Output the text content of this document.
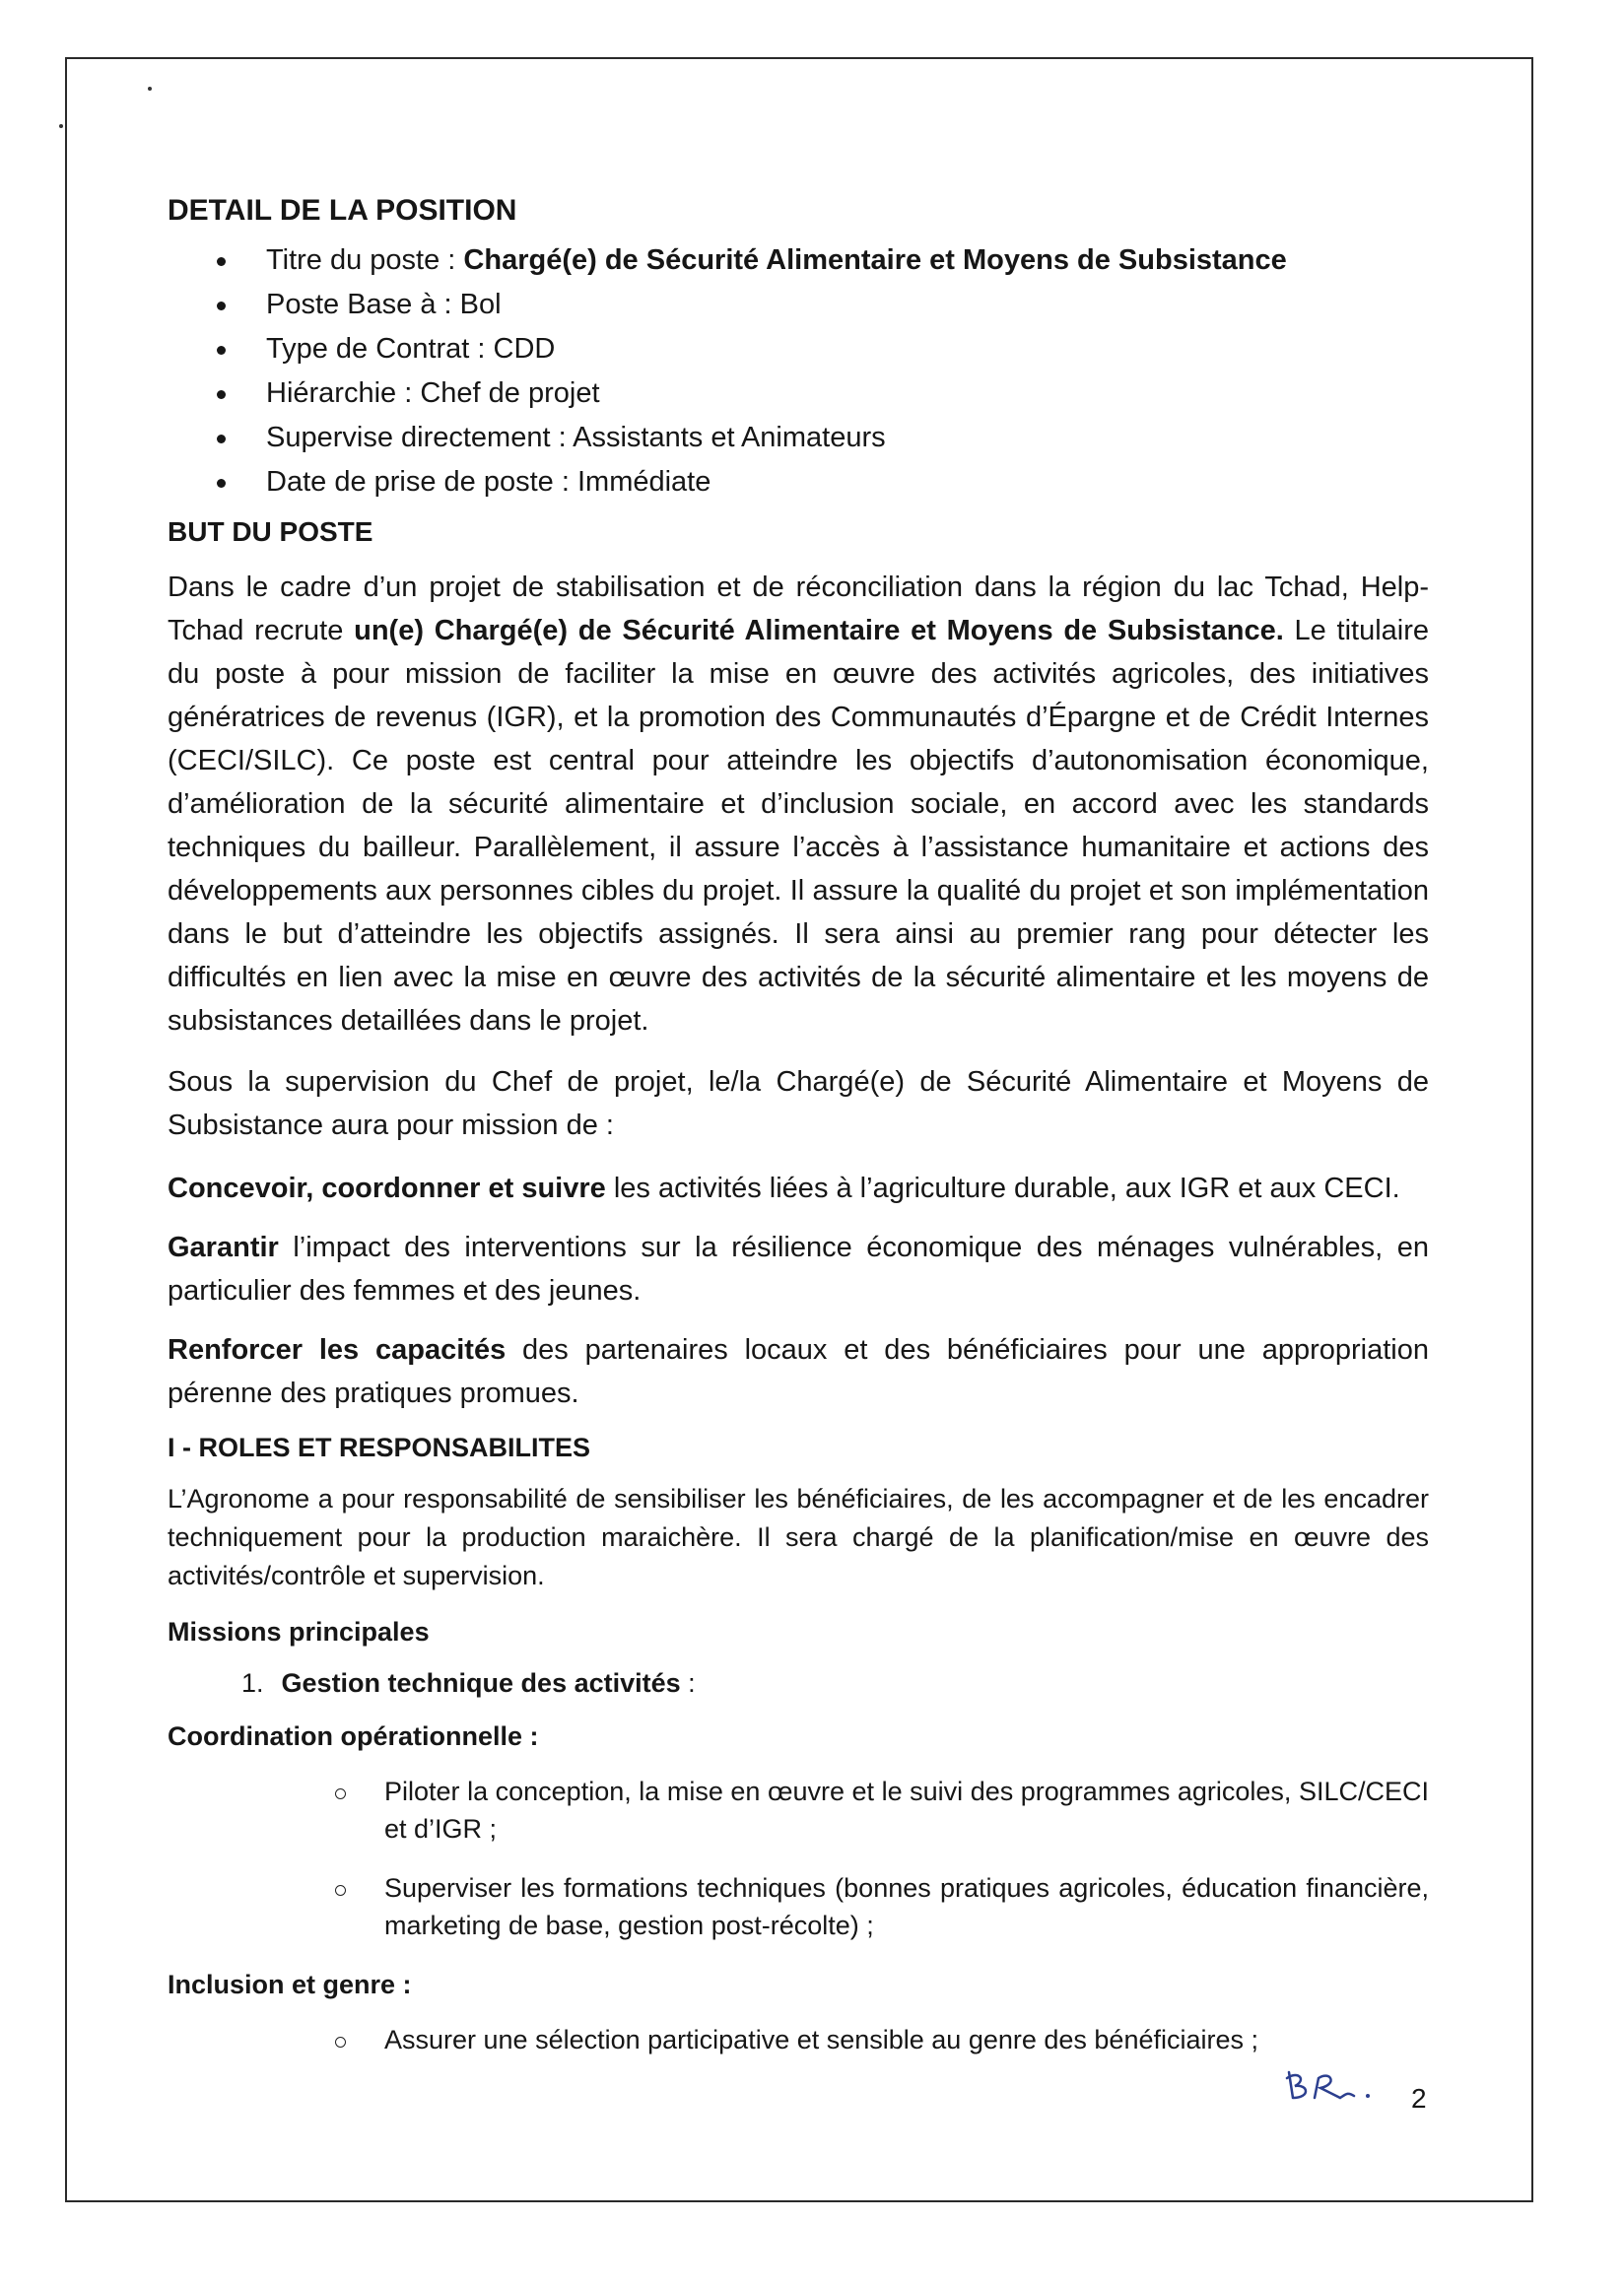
DETAIL DE LA POSITION
Titre du poste : Chargé(e) de Sécurité Alimentaire et Moyens de Subsistance
Poste Base à : Bol
Type de Contrat : CDD
Hiérarchie : Chef de projet
Supervise directement : Assistants et Animateurs
Date de prise de poste : Immédiate
BUT DU POSTE

Dans le cadre d’un projet de stabilisation et de réconciliation dans la région du lac Tchad, Help-Tchad recrute un(e) Chargé(e) de Sécurité Alimentaire et Moyens de Subsistance. Le titulaire du poste à pour mission de faciliter la mise en œuvre des activités agricoles, des initiatives génératrices de revenus (IGR), et la promotion des Communautés d’Épargne et de Crédit Internes (CECI/SILC). Ce poste est central pour atteindre les objectifs d’autonomisation économique, d’amélioration de la sécurité alimentaire et d’inclusion sociale, en accord avec les standards techniques du bailleur. Parallèlement, il assure l’accès à l’assistance humanitaire et actions des développements aux personnes cibles du projet. Il assure la qualité du projet et son implémentation dans le but d’atteindre les objectifs assignés. Il sera ainsi au premier rang pour détecter les difficultés en lien avec la mise en œuvre des activités de la sécurité alimentaire et les moyens de subsistances detaillées dans le projet.

Sous la supervision du Chef de projet, le/la Chargé(e) de Sécurité Alimentaire et Moyens de Subsistance aura pour mission de :

Concevoir, coordonner et suivre les activités liées à l’agriculture durable, aux IGR et aux CECI.

Garantir l’impact des interventions sur la résilience économique des ménages vulnérables, en particulier des femmes et des jeunes.

Renforcer les capacités des partenaires locaux et des bénéficiaires pour une appropriation pérenne des pratiques promues.

I - ROLES ET RESPONSABILITES

L’Agronome a pour responsabilité de sensibiliser les bénéficiaires, de les accompagner et de les encadrer techniquement pour la production maraichère. Il sera chargé de la planification/mise en œuvre des activités/contrôle et supervision.

Missions principales

1. Gestion technique des activités :

Coordination opérationnelle :
Piloter la conception, la mise en œuvre et le suivi des programmes agricoles, SILC/CECI et d’IGR ;
Superviser les formations techniques (bonnes pratiques agricoles, éducation financière, marketing de base, gestion post-récolte) ;
Inclusion et genre :
Assurer une sélection participative et sensible au genre des bénéficiaires ;
2
